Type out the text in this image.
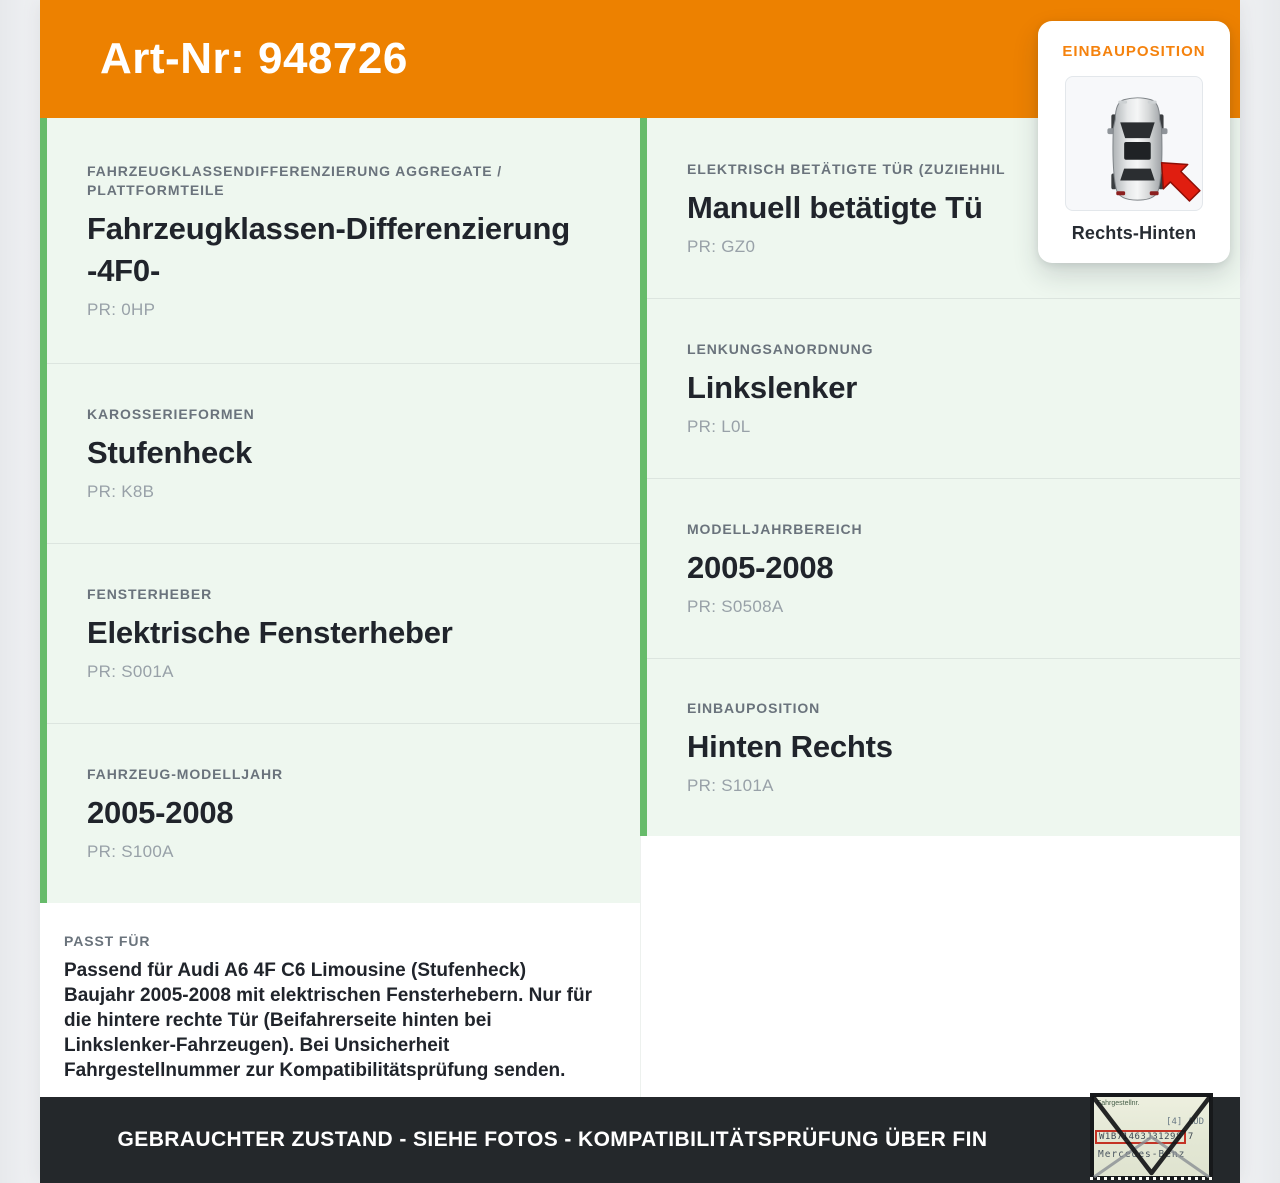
Art-Nr: 948726
FAHRZEUGKLASSENDIFFERENZIERUNG AGGREGATE / PLATTFORMTEILE
Fahrzeugklassen-Differenzierung -4F0-
PR: 0HP
KAROSSERIEFORMEN
Stufenheck
PR: K8B
FENSTERHEBER
Elektrische Fensterheber
PR: S001A
FAHRZEUG-MODELLJAHR
2005-2008
PR: S100A
PASST FÜR
Passend für Audi A6 4F C6 Limousine (Stufenheck) Baujahr 2005-2008 mit elektrischen Fensterhebern. Nur für die hintere rechte Tür (Beifahrerseite hinten bei Linkslenker-Fahrzeugen). Bei Unsicherheit Fahrgestellnummer zur Kompatibilitätsprüfung senden.
ELEKTRISCH BETÄTIGTE TÜR (ZUZIEHHIL
Manuell betätigte Tü
PR: GZ0
LENKUNGSANORDNUNG
Linkslenker
PR: L0L
MODELLJAHRBEREICH
2005-2008
PR: S0508A
EINBAUPOSITION
Hinten Rechts
PR: S101A
GEBRAUCHTER ZUSTAND - SIEHE FOTOS - KOMPATIBILITÄTSPRÜFUNG ÜBER FIN
Fahrgestellnr.
[4] AUD
W1B71463J31298 7
Mercedes-Benz
EINBAUPOSITION
Rechts-Hinten
